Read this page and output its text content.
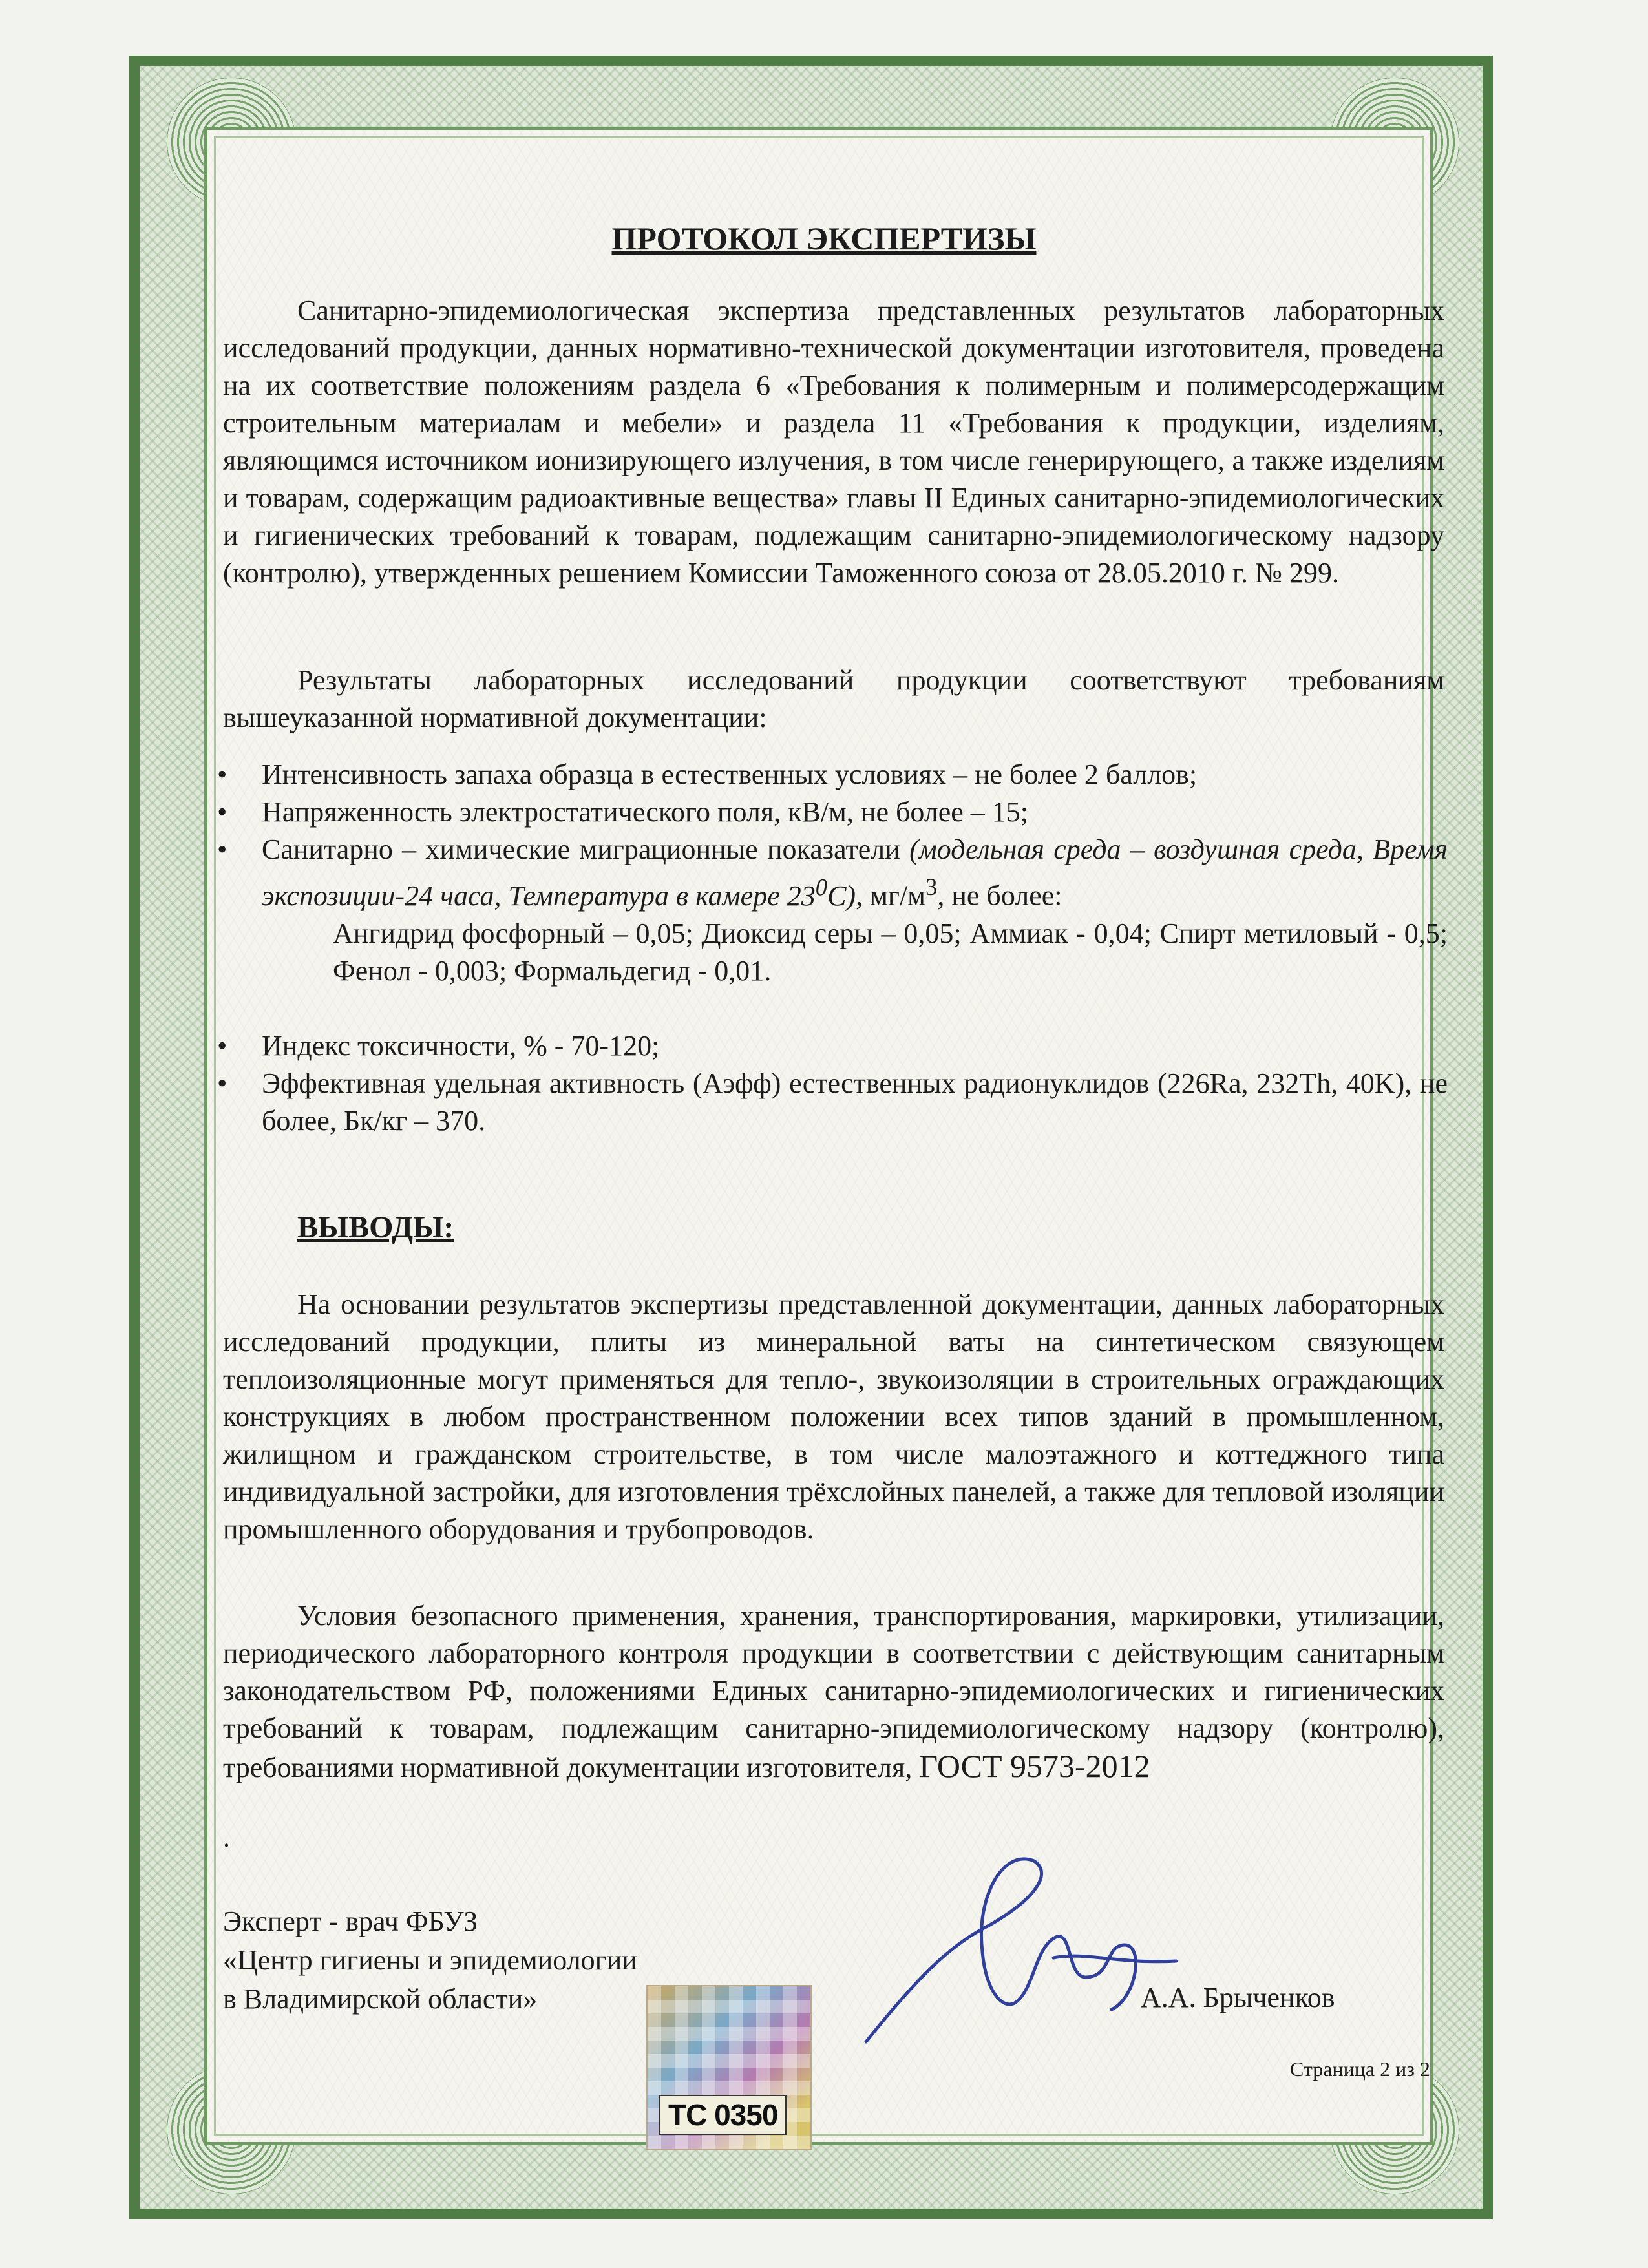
ПРОТОКОЛ ЭКСПЕРТИЗЫ

Санитарно-эпидемиологическая экспертиза представленных результатов лабораторных исследований продукции, данных нормативно-технической документации изготовителя, проведена на их соответствие положениям раздела 6 «Требования к полимерным и полимерсодержащим строительным материалам и мебели» и раздела 11 «Требования к продукции, изделиям, являющимся источником ионизирующего излучения, в том числе генерирующего, а также изделиям и товарам, содержащим радиоактивные вещества» главы II Единых санитарно-эпидемиологических и гигиенических требований к товарам, подлежащим санитарно-эпидемиологическому надзору (контролю), утвержденных решением Комиссии Таможенного союза от 28.05.2010 г. № 299.

Результаты лабораторных исследований продукции соответствуют требованиям вышеуказанной нормативной документации:

• Интенсивность запаха образца в естественных условиях – не более 2 баллов;
• Напряженность электростатического поля, кВ/м, не более – 15;
• Санитарно – химические миграционные показатели (модельная среда – воздушная среда, Время экспозиции-24 часа, Температура в камере $23^0С$), $мг/м^3$, не более:
Ангидрид фосфорный – 0,05; Диоксид серы – 0,05; Аммиак - 0,04; Спирт метиловый - 0,5; Фенол - 0,003; Формальдегид - 0,01.
• Индекс токсичности, % - 70-120;
• Эффективная удельная активность (Аэфф) естественных радионуклидов (226Ra, 232Th, 40K), не более, Бк/кг – 370.
ВЫВОДЫ:

На основании результатов экспертизы представленной документации, данных лабораторных исследований продукции, плиты из минеральной ваты на синтетическом связующем теплоизоляционные могут применяться для тепло-, звукоизоляции в строительных ограждающих конструкциях в любом пространственном положении всех типов зданий в промышленном, жилищном и гражданском строительстве, в том числе малоэтажного и коттеджного типа индивидуальной застройки, для изготовления трёхслойных панелей, а также для тепловой изоляции промышленного оборудования и трубопроводов.

Условия безопасного применения, хранения, транспортирования, маркировки, утилизации, периодического лабораторного контроля продукции в соответствии с действующим санитарным законодательством РФ, положениями Единых санитарно-эпидемиологических и гигиенических требований к товарам, подлежащим санитарно-эпидемиологическому надзору (контролю), требованиями нормативной документации изготовителя, ГОСТ 9573-2012

.
Эксперт - врач ФБУЗ
«Центр гигиены и эпидемиологии
в Владимирской области»	А.А. Брыченков
TC 0350
Страница 2 из 2
